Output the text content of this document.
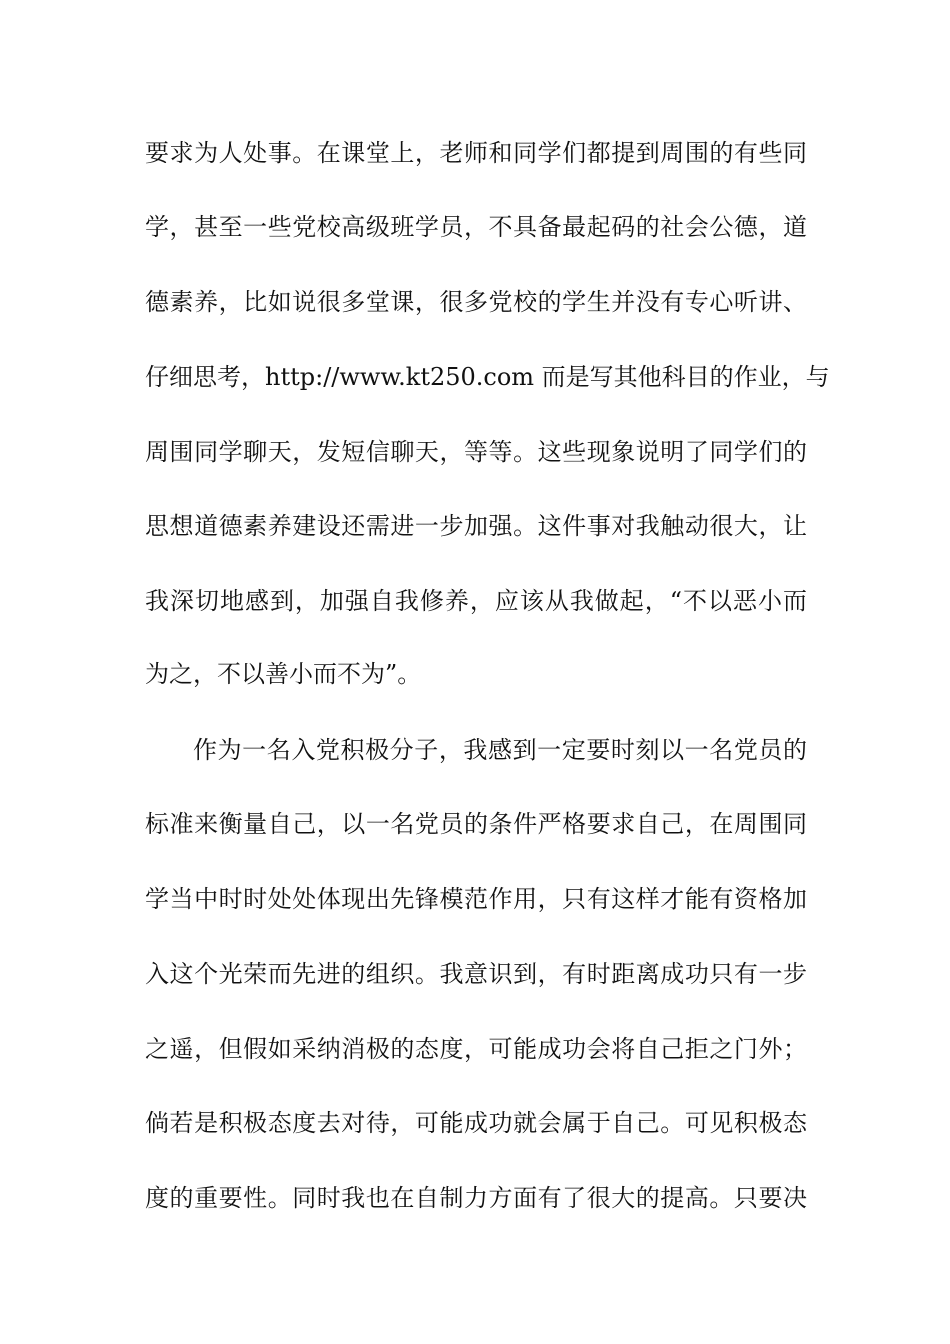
要求为人处事。在课堂上，老师和同学们都提到周围的有些同
学，甚至一些党校高级班学员，不具备最起码的社会公德，道
德素养，比如说很多堂课，很多党校的学生并没有专心听讲、
仔细思考，http://www.kt250.com 而是写其他科目的作业，与
周围同学聊天，发短信聊天，等等。这些现象说明了同学们的
思想道德素养建设还需进一步加强。这件事对我触动很大，让
我深切地感到，加强自我修养，应该从我做起，“不以恶小而
为之，不以善小而不为”。
作为一名入党积极分子，我感到一定要时刻以一名党员的
标准来衡量自己，以一名党员的条件严格要求自己，在周围同
学当中时时处处体现出先锋模范作用，只有这样才能有资格加
入这个光荣而先进的组织。我意识到，有时距离成功只有一步
之遥，但假如采纳消极的态度，可能成功会将自己拒之门外；
倘若是积极态度去对待，可能成功就会属于自己。可见积极态
度的重要性。同时我也在自制力方面有了很大的提高。只要决
